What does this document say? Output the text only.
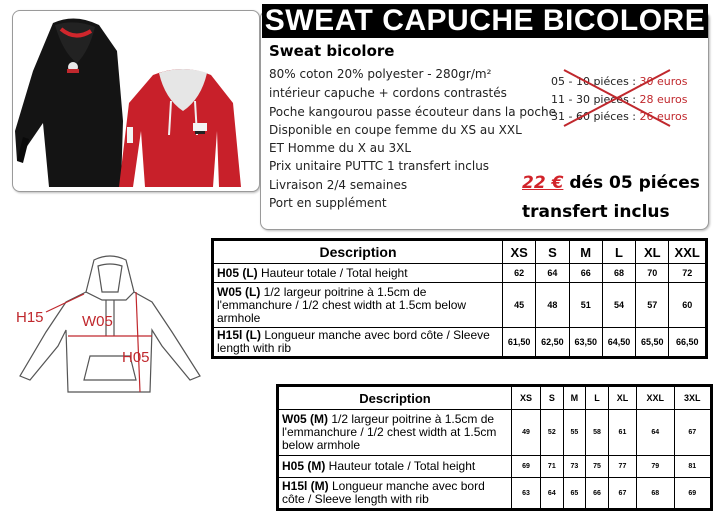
SWEAT CAPUCHE BICOLORE
Sweat bicolore
80% coton 20% polyester - 280gr/m²
intérieur capuche + cordons contrastés
Poche kangourou passe écouteur dans la poche
Disponible en coupe femme du XS au XXL
ET Homme du X au 3XL
Prix unitaire PUTTC 1 transfert inclus
Livraison 2/4 semaines
Port en supplément
05 - 10 piéces : 30 euros
11 - 30 pieces : 28 euros
31 - 60 piéces : 26 euros
22 € dés 05 piéces
transfert inclus
H15	W05
H05
Description	XS	S	M	L	XL	XXL
H05 (L) Hauteur totale / Total height	62	64	66	68	70	72
W05 (L) 1/2 largeur poitrine à 1.5cm de l'emmanchure / 1/2 chest width at 1.5cm below armhole	45	48	51	54	57	60
H15l (L) Longueur manche avec bord côte / Sleeve length with rib	61,50	62,50	63,50	64,50	65,50	66,50
Description	XS	S	M	L	XL	XXL	3XL
W05 (M) 1/2 largeur poitrine à 1.5cm de l'emmanchure / 1/2 chest width at 1.5cm below armhole	49	52	55	58	61	64	67
H05 (M) Hauteur totale / Total height	69	71	73	75	77	79	81
H15l (M) Longueur manche avec bord côte / Sleeve length with rib	63	64	65	66	67	68	69
